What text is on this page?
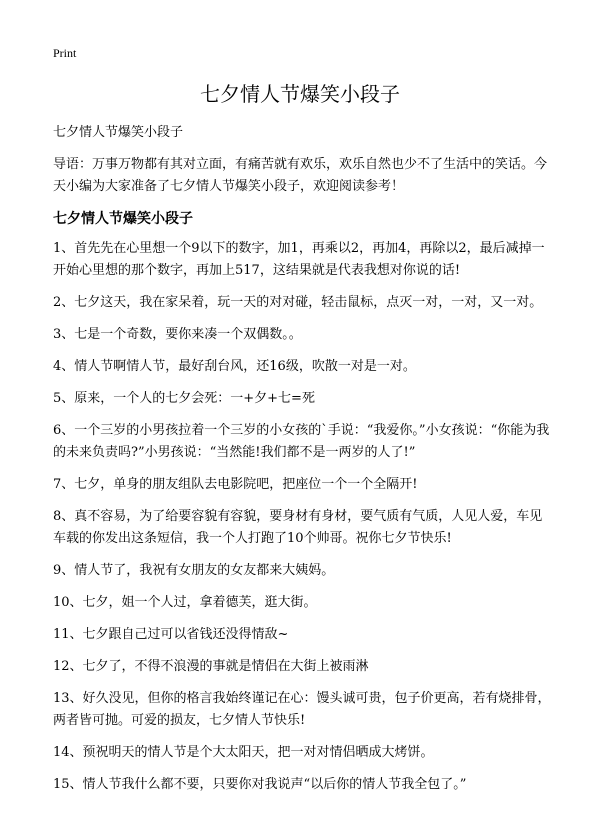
Print
七夕情人节爆笑小段子

七夕情人节爆笑小段子

导语：万事万物都有其对立面，有痛苦就有欢乐，欢乐自然也少不了生活中的笑话。今天小编为大家准备了七夕情人节爆笑小段子，欢迎阅读参考！

七夕情人节爆笑小段子

1、首先先在心里想一个9以下的数字，加1，再乘以2，再加4，再除以2，最后减掉一开始心里想的那个数字，再加上517，这结果就是代表我想对你说的话!

2、七夕这天，我在家呆着，玩一天的对对碰，轻击鼠标，点灭一对，一对，又一对。

3、七是一个奇数，要你来凑一个双偶数。。

4、情人节啊情人节，最好刮台风，还16级，吹散一对是一对。

5、原来，一个人的七夕会死：一+夕+七=死

6、一个三岁的小男孩拉着一个三岁的小女孩的`手说：“我爱你。”小女孩说：“你能为我的未来负责吗?”小男孩说：“当然能!我们都不是一两岁的人了!”

7、七夕，单身的朋友组队去电影院吧，把座位一个一个全隔开!

8、真不容易，为了给要容貌有容貌，要身材有身材，要气质有气质，人见人爱，车见车载的你发出这条短信，我一个人打跑了10个帅哥。祝你七夕节快乐!

9、情人节了，我祝有女朋友的女友都来大姨妈。

10、七夕，姐一个人过，拿着德芙，逛大街。

11、七夕跟自己过可以省钱还没得情敌~

12、七夕了，不得不浪漫的事就是情侣在大街上被雨淋

13、好久没见，但你的格言我始终谨记在心：馒头诚可贵，包子价更高，若有烧排骨，两者皆可抛。可爱的损友，七夕情人节快乐!

14、预祝明天的情人节是个大太阳天，把一对对情侣晒成大烤饼。

15、情人节我什么都不要，只要你对我说声“以后你的情人节我全包了。”
